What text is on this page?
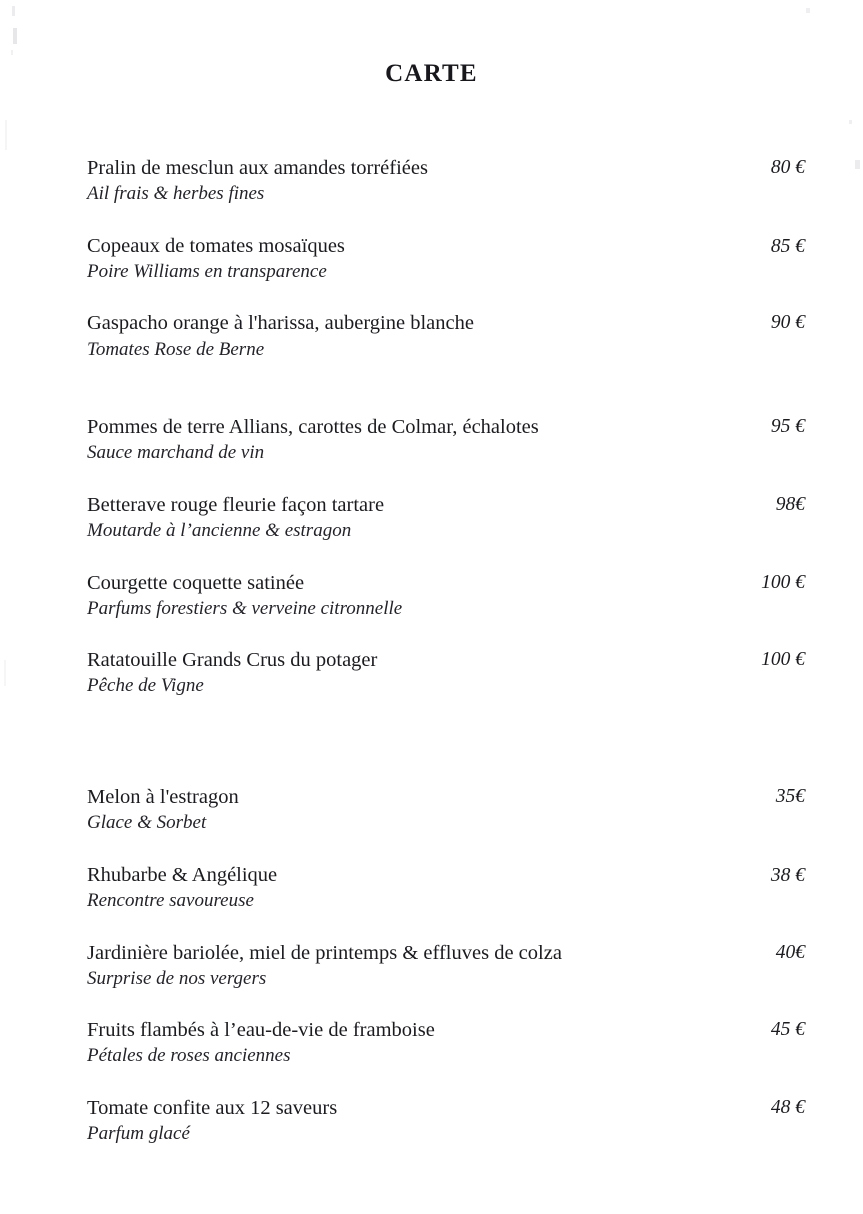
CARTE
Pralin de mesclun aux amandes torréfiées
Ail frais & herbes fines
80 €
Copeaux de tomates mosaïques
Poire Williams en transparence
85 €
Gaspacho orange à l'harissa, aubergine blanche
Tomates Rose de Berne
90 €
Pommes de terre Allians, carottes de Colmar, échalotes
Sauce marchand de vin
95 €
Betterave rouge fleurie façon tartare
Moutarde à l’ancienne & estragon
98€
Courgette coquette satinée
Parfums forestiers & verveine citronnelle
100 €
Ratatouille Grands Crus du potager
Pêche de Vigne
100 €
Melon à l'estragon
Glace & Sorbet
35€
Rhubarbe & Angélique
Rencontre savoureuse
38 €
Jardinière bariolée, miel de printemps & effluves de colza
Surprise de nos vergers
40€
Fruits flambés à l’eau-de-vie de framboise
Pétales de roses anciennes
45 €
Tomate confite aux 12 saveurs
Parfum glacé
48 €
